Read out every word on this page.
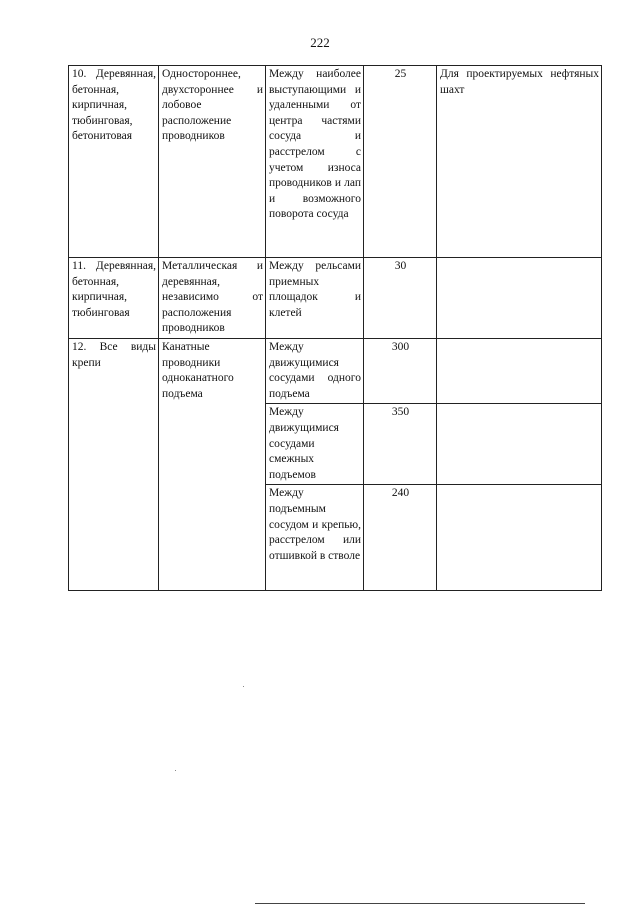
222
10. Деревянная, бетонная, кирпичная, тюбинговая, бетонитовая	Одностороннее, двухстороннее и лобовое расположение проводников	Между наиболее выступающими и удаленными от центра частями сосуда и расстрелом с учетом износа проводников и лап и возможного поворота сосуда	25	Для проектируемых нефтяных шахт
11. Деревянная, бетонная, кирпичная, тюбинговая	Металлическая и деревянная, независимо от расположения проводников	Между рельсами приемных площадок и клетей	30	
12. Все виды крепи	Канатные проводники одноканатного подъема	Между движущимися сосудами одного подъема	300	
		Между движущимися сосудами смежных подъемов	350	
		Между подъемным сосудом и крепью, расстрелом или отшивкой в стволе	240	
